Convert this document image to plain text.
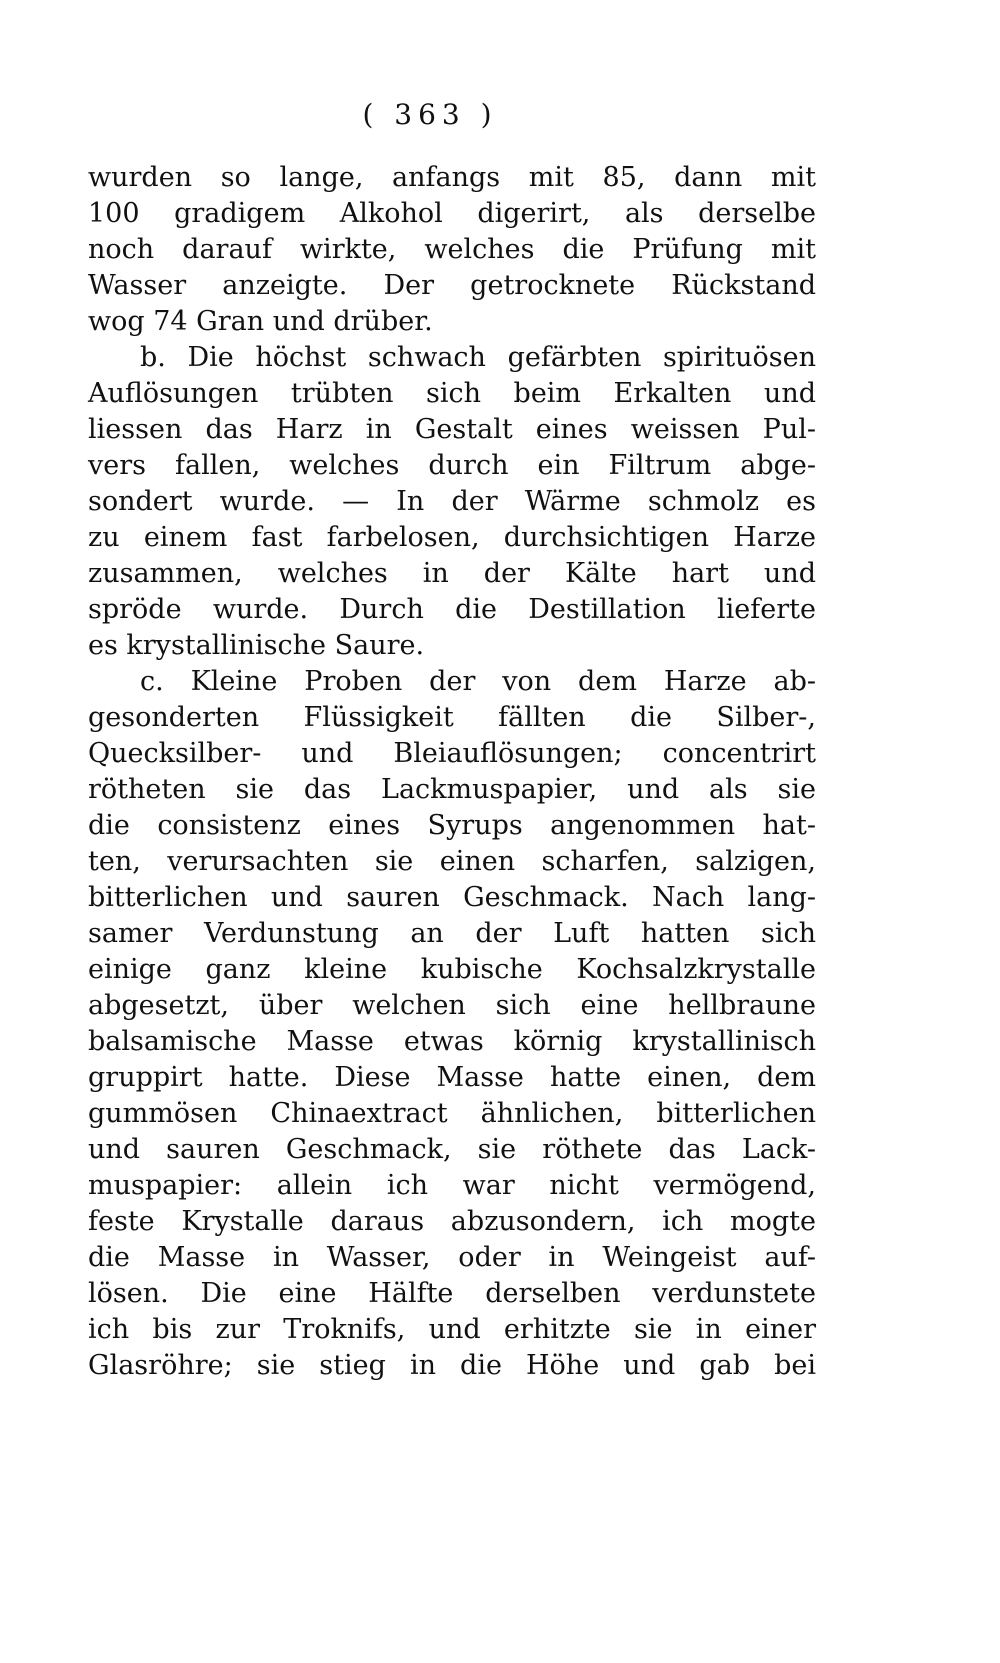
( 363 )
wurden so lange, anfangs mit 85, dann mit
100 gradigem Alkohol digerirt, als derselbe
noch darauf wirkte, welches die Prüfung mit
Wasser anzeigte. Der getrocknete Rückstand
wog 74 Gran und drüber.
b. Die höchst schwach gefärbten spirituösen
Auflösungen trübten sich beim Erkalten und
liessen das Harz in Gestalt eines weissen Pul-
vers fallen, welches durch ein Filtrum abge-
sondert wurde. — In der Wärme schmolz es
zu einem fast farbelosen, durchsichtigen Harze
zusammen, welches in der Kälte hart und
spröde wurde. Durch die Destillation lieferte
es krystallinische Saure.
c. Kleine Proben der von dem Harze ab-
gesonderten Flüssigkeit fällten die Silber-,
Quecksilber- und Bleiauflösungen; concentrirt
rötheten sie das Lackmuspapier, und als sie
die consistenz eines Syrups angenommen hat-
ten, verursachten sie einen scharfen, salzigen,
bitterlichen und sauren Geschmack. Nach lang-
samer Verdunstung an der Luft hatten sich
einige ganz kleine kubische Kochsalzkrystalle
abgesetzt, über welchen sich eine hellbraune
balsamische Masse etwas körnig krystallinisch
gruppirt hatte. Diese Masse hatte einen, dem
gummösen Chinaextract ähnlichen, bitterlichen
und sauren Geschmack, sie röthete das Lack-
muspapier: allein ich war nicht vermögend,
feste Krystalle daraus abzusondern, ich mogte
die Masse in Wasser, oder in Weingeist auf-
lösen. Die eine Hälfte derselben verdunstete
ich bis zur Troknifs, und erhitzte sie in einer
Glasröhre; sie stieg in die Höhe und gab bei
